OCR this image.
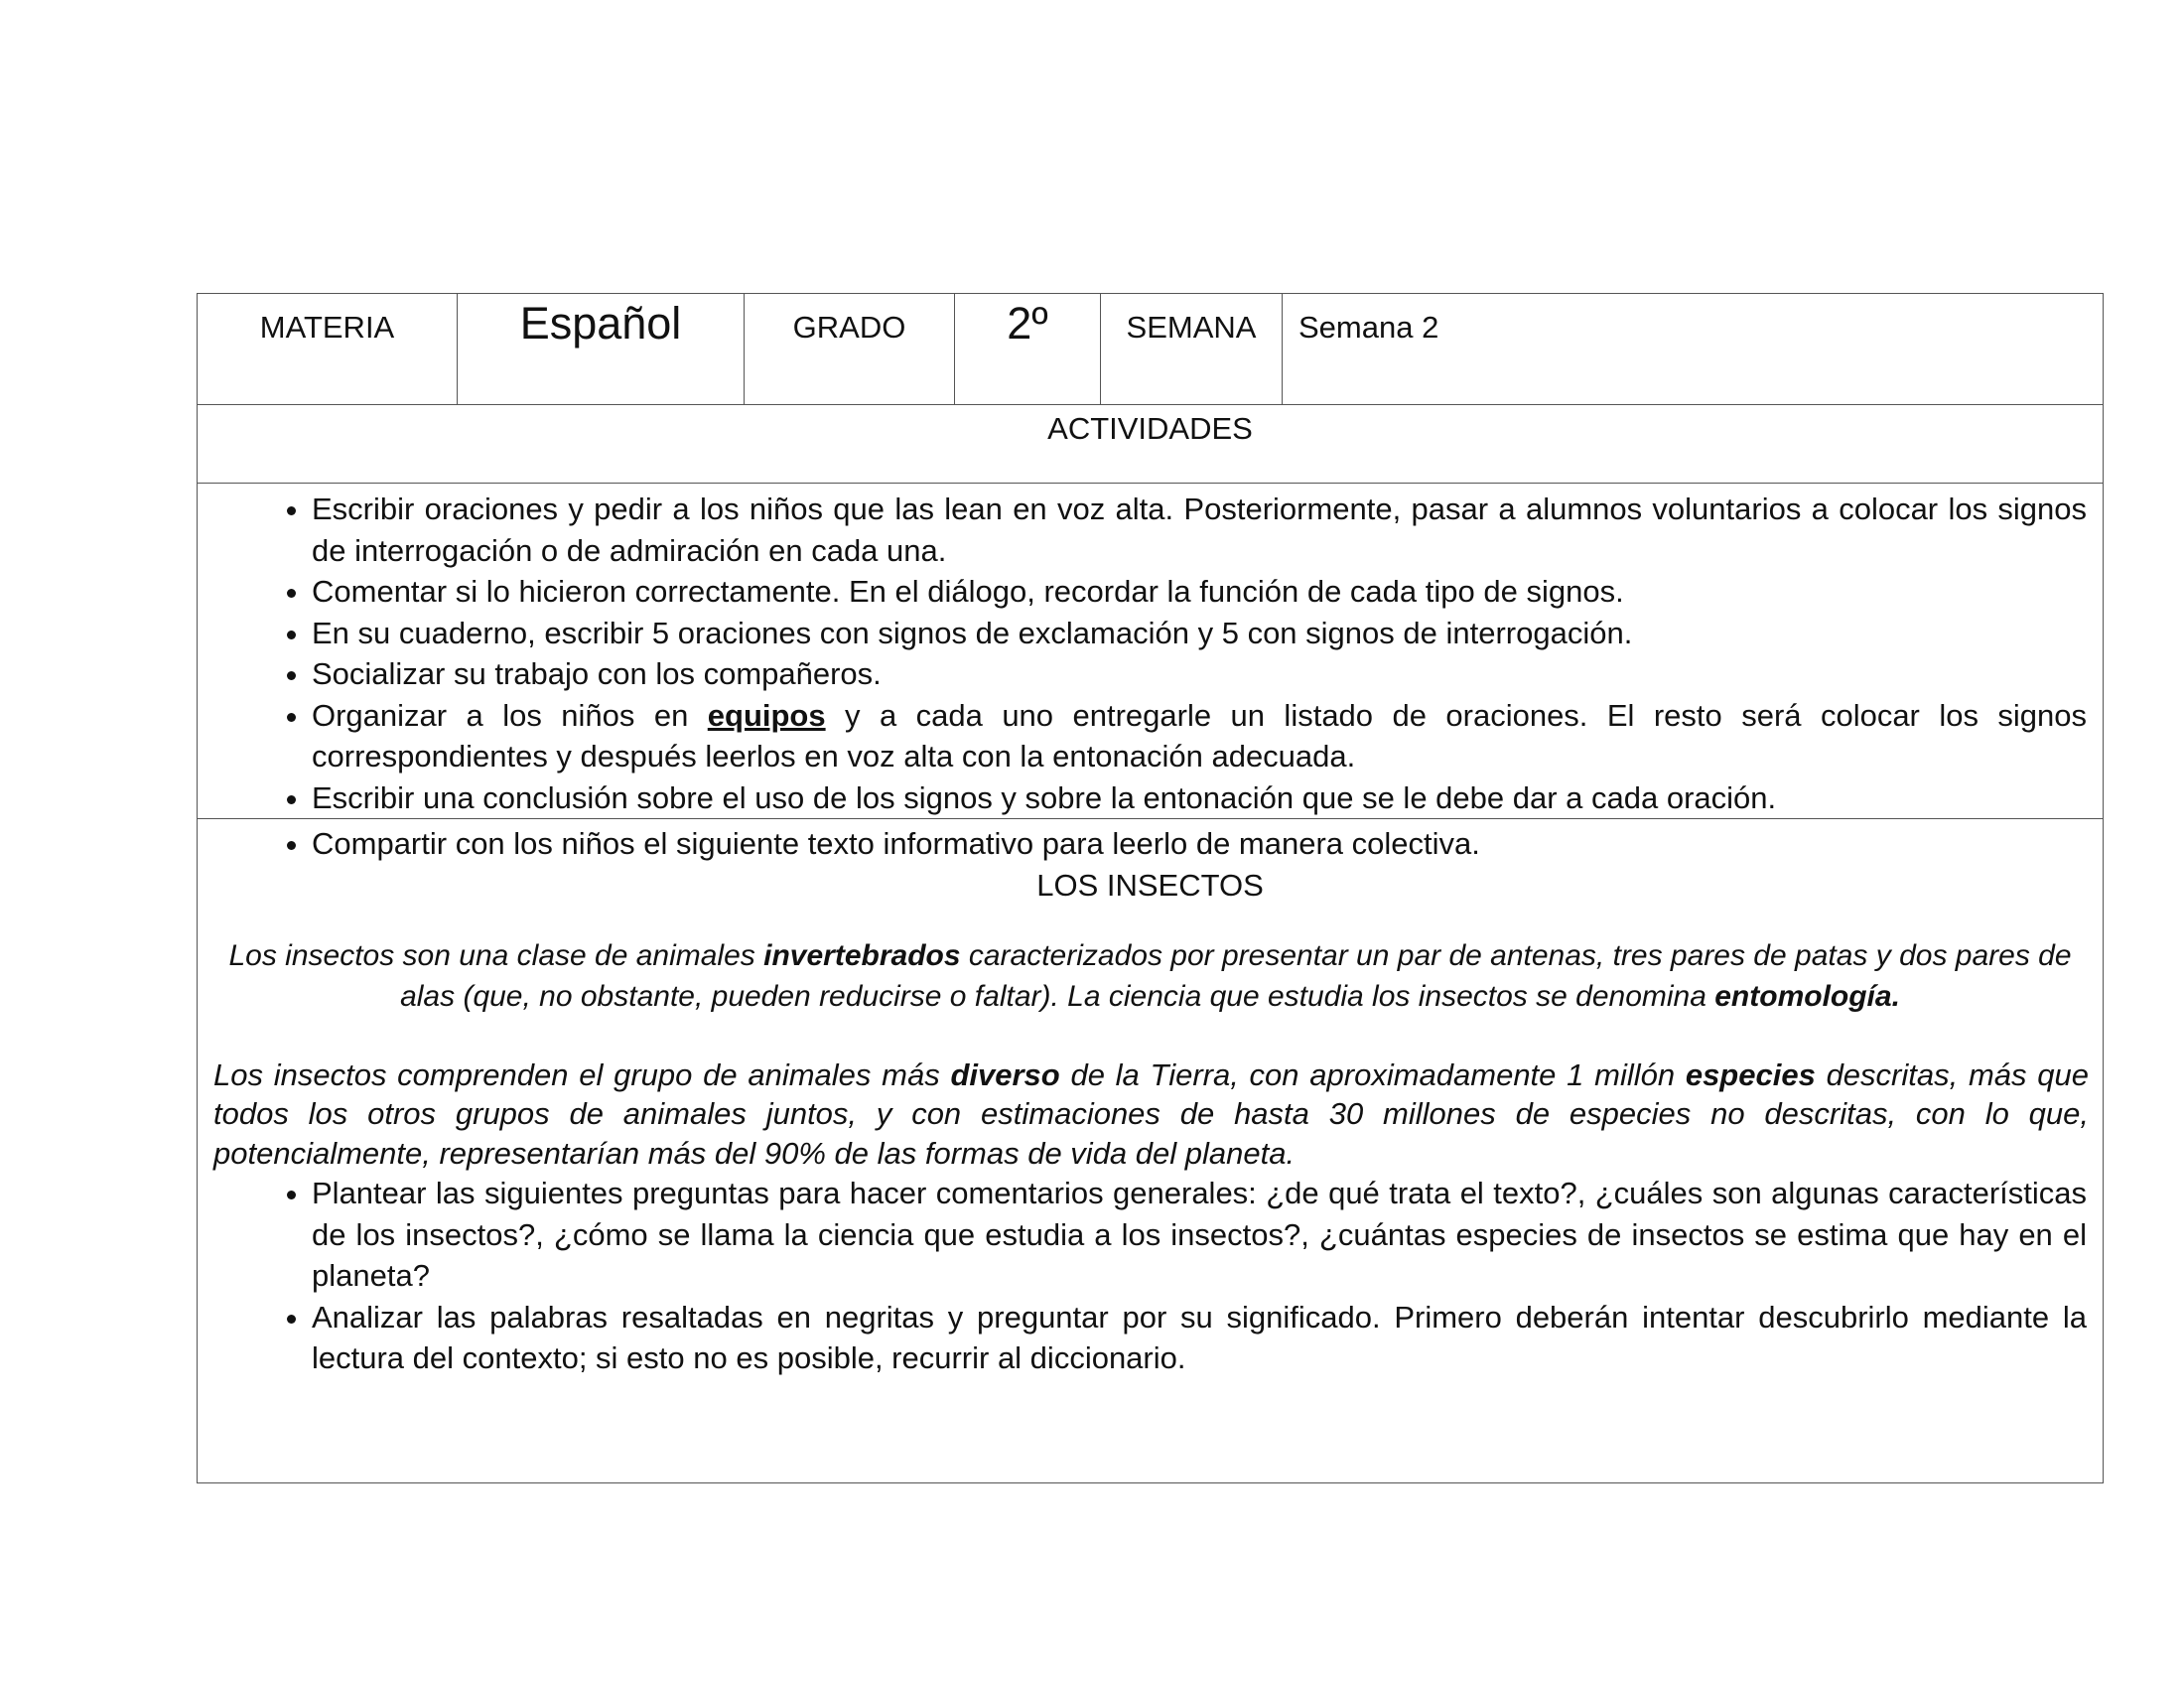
MATERIA	Español	GRADO	2º	SEMANA	Semana 2
ACTIVIDADES

• Escribir oraciones y pedir a los niños que las lean en voz alta. Posteriormente, pasar a alumnos voluntarios a colocar los signos de interrogación o de admiración en cada una.
• Comentar si lo hicieron correctamente. En el diálogo, recordar la función de cada tipo de signos.
• En su cuaderno, escribir 5 oraciones con signos de exclamación y 5 con signos de interrogación.
• Socializar su trabajo con los compañeros.
• Organizar a los niños en equipos y a cada uno entregarle un listado de oraciones. El resto será colocar los signos correspondientes y después leerlos en voz alta con la entonación adecuada.
• Escribir una conclusión sobre el uso de los signos y sobre la entonación que se le debe dar a cada oración.

• Compartir con los niños el siguiente texto informativo para leerlo de manera colectiva.
LOS INSECTOS

Los insectos son una clase de animales invertebrados caracterizados por presentar un par de antenas, tres pares de patas y dos pares de alas (que, no obstante, pueden reducirse o faltar). La ciencia que estudia los insectos se denomina entomología.

Los insectos comprenden el grupo de animales más diverso de la Tierra, con aproximadamente 1 millón especies descritas, más que todos los otros grupos de animales juntos, y con estimaciones de hasta 30 millones de especies no descritas, con lo que, potencialmente, representarían más del 90% de las formas de vida del planeta.

• Plantear las siguientes preguntas para hacer comentarios generales: ¿de qué trata el texto?, ¿cuáles son algunas características de los insectos?, ¿cómo se llama la ciencia que estudia a los insectos?, ¿cuántas especies de insectos se estima que hay en el planeta?
• Analizar las palabras resaltadas en negritas y preguntar por su significado. Primero deberán intentar descubrirlo mediante la lectura del contexto; si esto no es posible, recurrir al diccionario.
